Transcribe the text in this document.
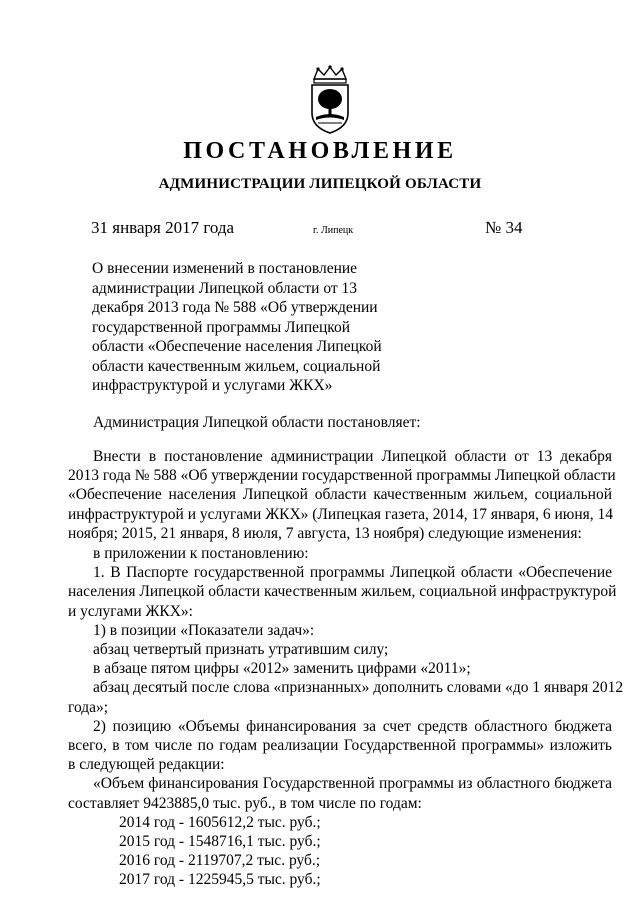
ПОСТАНОВЛЕНИЕ
АДМИНИСТРАЦИИ ЛИПЕЦКОЙ ОБЛАСТИ
31 января 2017 года	г. Липецк	№ 34
О внесении изменений в постановление
администрации Липецкой области от 13
декабря 2013 года № 588 «Об утверждении
государственной программы Липецкой
области «Обеспечение населения Липецкой
области качественным жильем, социальной
инфраструктурой и услугами ЖКХ»
Администрация Липецкой области постановляет:
Внести в постановление администрации Липецкой области от 13 декабря
2013 года № 588 «Об утверждении государственной программы Липецкой области
«Обеспечение населения Липецкой области качественным жильем, социальной
инфраструктурой и услугами ЖКХ» (Липецкая газета, 2014, 17 января, 6 июня, 14
ноября; 2015, 21 января, 8 июля, 7 августа, 13 ноября) следующие изменения:
в приложении к постановлению:
1. В Паспорте государственной программы Липецкой области «Обеспечение
населения Липецкой области качественным жильем, социальной инфраструктурой
и услугами ЖКХ»:
1) в позиции «Показатели задач»:
абзац четвертый признать утратившим силу;
в абзаце пятом цифры «2012» заменить цифрами «2011»;
абзац десятый после слова «признанных» дополнить словами «до 1 января 2012
года»;
2) позицию «Объемы финансирования за счет средств областного бюджета
всего, в том числе по годам реализации Государственной программы» изложить
в следующей редакции:
«Объем финансирования Государственной программы из областного бюджета
составляет 9423885,0 тыс. руб., в том числе по годам:
2014 год - 1605612,2 тыс. руб.;
2015 год - 1548716,1 тыс. руб.;
2016 год - 2119707,2 тыс. руб.;
2017 год - 1225945,5 тыс. руб.;
